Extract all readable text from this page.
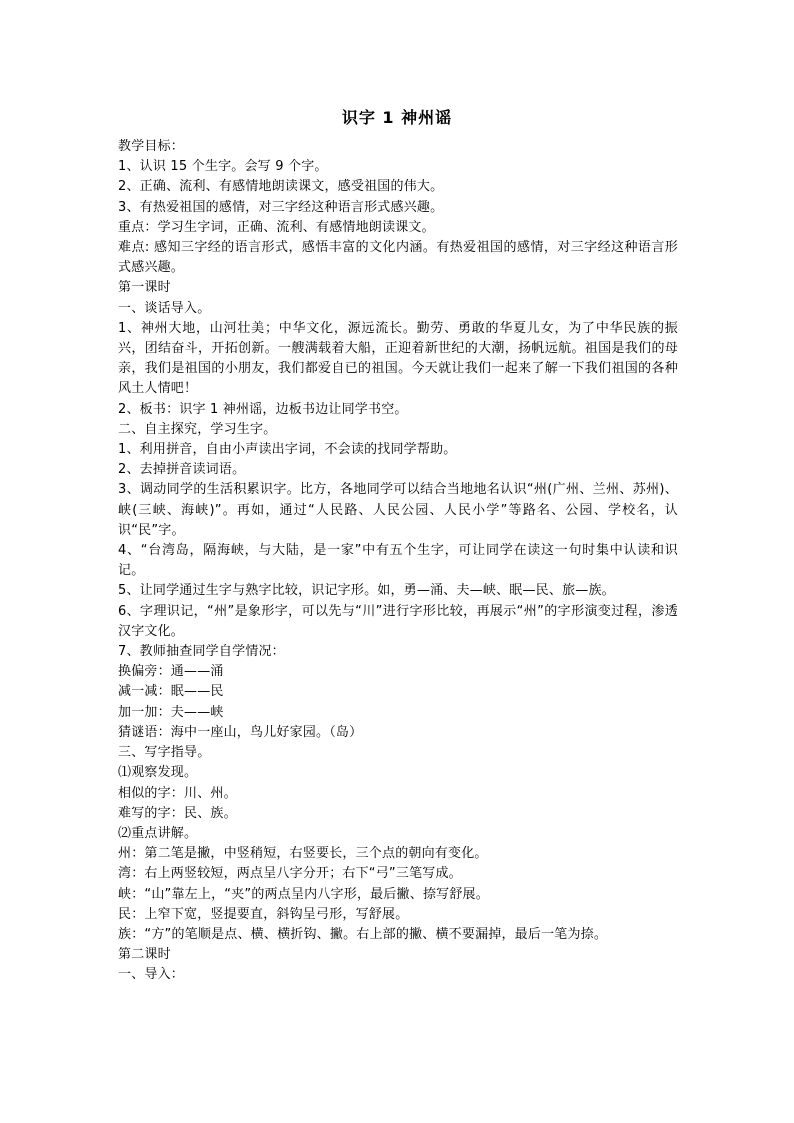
识字 1 神州谣
教学目标：
1、认识 15 个生字。会写 9 个字。
2、正确、流利、有感情地朗读课文，感受祖国的伟大。
3、有热爱祖国的感情，对三字经这种语言形式感兴趣。
重点：学习生字词，正确、流利、有感情地朗读课文。
难点: 感知三字经的语言形式，感悟丰富的文化内涵。有热爱祖国的感情，对三字经这种语言形式感兴趣。
第一课时
一、谈话导入。
1、神州大地，山河壮美；中华文化，源远流长。勤劳、勇敢的华夏儿女，为了中华民族的振兴，团结奋斗，开拓创新。一艘满载着大船，正迎着新世纪的大潮，扬帆远航。祖国是我们的母亲，我们是祖国的小朋友，我们都爱自已的祖国。今天就让我们一起来了解一下我们祖国的各种风土人情吧！
2、板书：识字 1 神州谣，边板书边让同学书空。
二、自主探究，学习生字。
1、利用拼音，自由小声读出字词，不会读的找同学帮助。
2、去掉拼音读词语。
3、调动同学的生活积累识字。比方，各地同学可以结合当地地名认识“州(广州、兰州、苏州)、峡(三峡、海峡)”。再如，通过“人民路、人民公园、人民小学”等路名、公园、学校名，认识“民”字。
4、“台湾岛，隔海峡，与大陆，是一家”中有五个生字，可让同学在读这一句时集中认读和识记。
5、让同学通过生字与熟字比较，识记字形。如，勇—涌、夫—峡、眠—民、旅—族。
6、字理识记，“州”是象形字，可以先与“川”进行字形比较，再展示“州”的字形演变过程，渗透汉字文化。
7、教师抽查同学自学情况：
换偏旁：通——涌
减一减：眠——民
加一加：夫——峡
猜谜语：海中一座山，鸟儿好家园。（岛）
三、写字指导。
⑴观察发现。
相似的字：川、州。
难写的字：民、族。
⑵重点讲解。
州：第二笔是撇，中竖稍短，右竖要长，三个点的朝向有变化。
湾：右上两竖较短，两点呈八字分开；右下“弓”三笔写成。
峡：“山”靠左上，“夹”的两点呈内八字形，最后撇、捺写舒展。
民：上窄下宽，竖提要直，斜钩呈弓形，写舒展。
族：“方”的笔顺是点、横、横折钩、撇。右上部的撇、横不要漏掉，最后一笔为捺。
第二课时
一、导入：
